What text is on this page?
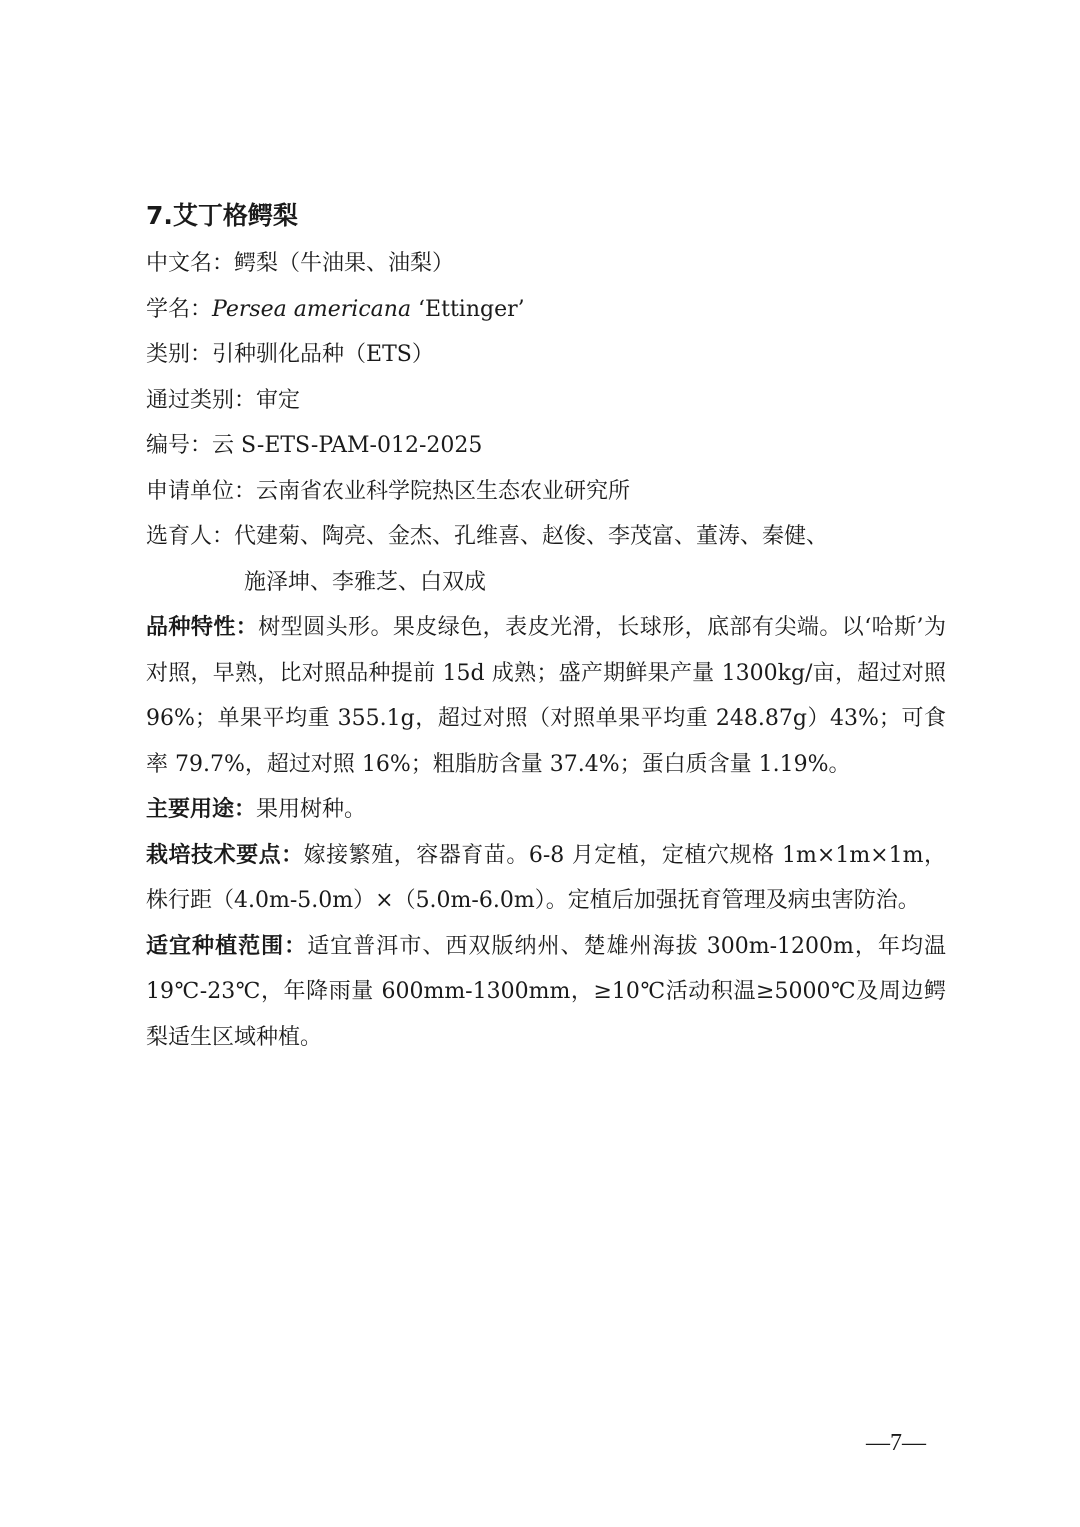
7.艾丁格鳄梨
中文名：鳄梨（牛油果、油梨）
学名：Persea americana ‘Ettinger’
类别：引种驯化品种（ETS）
通过类别：审定
编号：云 S-ETS-PAM-012-2025
申请单位：云南省农业科学院热区生态农业研究所
选育人：代建菊、陶亮、金杰、孔维喜、赵俊、李茂富、董涛、秦健、
施泽坤、李雅芝、白双成
品种特性：树型圆头形。果皮绿色，表皮光滑，长球形，底部有尖端。以‘哈斯’为对照，早熟，比对照品种提前 15d 成熟；盛产期鲜果产量 1300kg/亩，超过对照 96%；单果平均重 355.1g，超过对照（对照单果平均重 248.87g）43%；可食率 79.7%，超过对照 16%；粗脂肪含量 37.4%；蛋白质含量 1.19%。
主要用途：果用树种。
栽培技术要点：嫁接繁殖，容器育苗。6-8 月定植，定植穴规格 1m×1m×1m，株行距（4.0m-5.0m）×（5.0m-6.0m）。定植后加强抚育管理及病虫害防治。
适宜种植范围：适宜普洱市、西双版纳州、楚雄州海拔 300m-1200m，年均温 19℃-23℃，年降雨量 600mm-1300mm，≥10℃活动积温≥5000℃及周边鳄梨适生区域种植。
—7—
